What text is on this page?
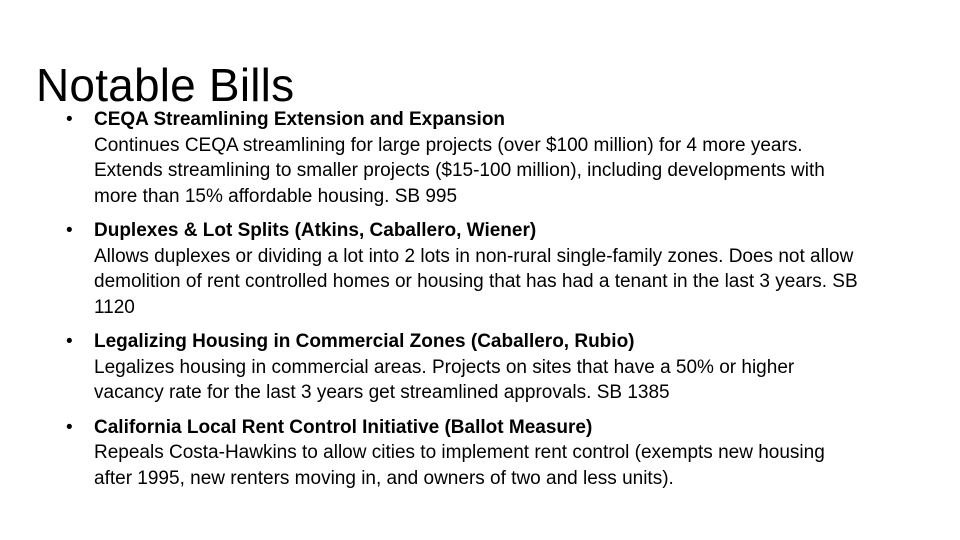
Notable Bills
•	CEQA Streamlining Extension and Expansion
Continues CEQA streamlining for large projects (over $100 million) for 4 more years. Extends streamlining to smaller projects ($15-100 million), including developments with more than 15% affordable housing. SB 995
•	Duplexes & Lot Splits (Atkins, Caballero, Wiener)
Allows duplexes or dividing a lot into 2 lots in non-rural single-family zones. Does not allow demolition of rent controlled homes or housing that has had a tenant in the last 3 years. SB 1120
•	Legalizing Housing in Commercial Zones (Caballero, Rubio)
Legalizes housing in commercial areas. Projects on sites that have a 50% or higher vacancy rate for the last 3 years get streamlined approvals. SB 1385
•	California Local Rent Control Initiative (Ballot Measure)
Repeals Costa-Hawkins to allow cities to implement rent control (exempts new housing after 1995, new renters moving in, and owners of two and less units).
